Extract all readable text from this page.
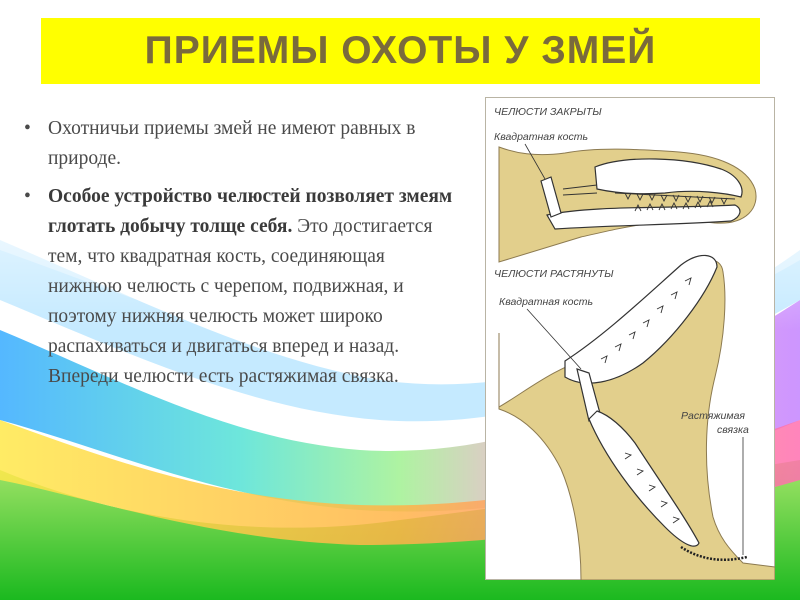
ПРИЕМЫ ОХОТЫ У ЗМЕЙ
• Охотничьи приемы змей не имеют равных в природе.
• Особое устройство челюстей позволяет змеям глотать добычу толще себя. Это достигается тем, что квадратная кость, соединяющая нижнюю челюсть с черепом, подвижная, и поэтому нижняя челюсть может широко распахиваться и двигаться вперед и назад. Впереди челюсти есть растяжимая связка.
ЧЕЛЮСТИ ЗАКРЫТЫ
Квадратная кость
ЧЕЛЮСТИ РАСТЯНУТЫ
Квадратная кость
Растяжимая
связка
